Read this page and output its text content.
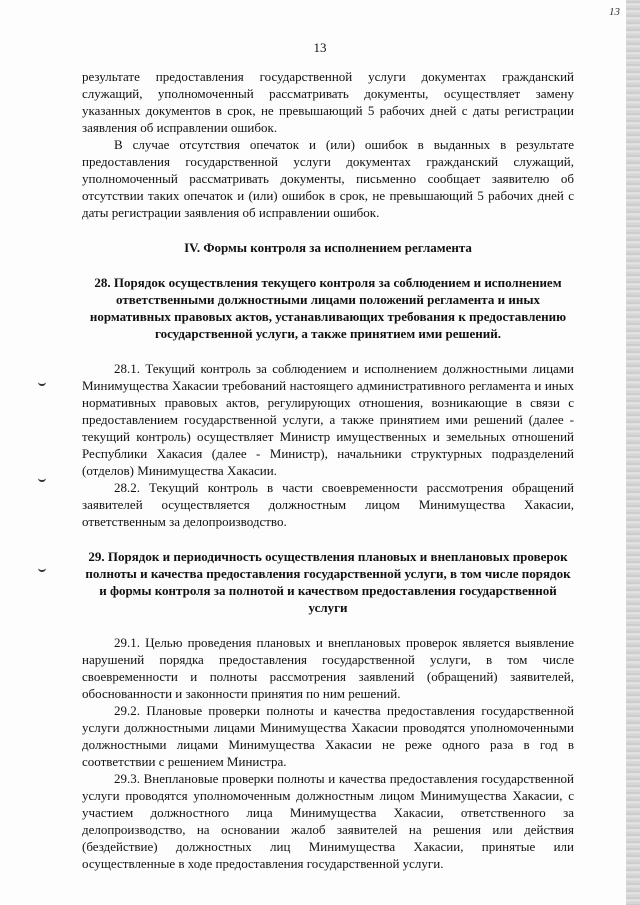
13
13

результате предоставления государственной услуги документах гражданский служащий, уполномоченный рассматривать документы, осуществляет замену указанных документов в срок, не превышающий 5 рабочих дней с даты регистрации заявления об исправлении ошибок.

В случае отсутствия опечаток и (или) ошибок в выданных в результате предоставления государственной услуги документах гражданский служащий, уполномоченный рассматривать документы, письменно сообщает заявителю об отсутствии таких опечаток и (или) ошибок в срок, не превышающий 5 рабочих дней с даты регистрации заявления об исправлении ошибок.

IV. Формы контроля за исполнением регламента

28. Порядок осуществления текущего контроля за соблюдением и исполнением ответственными должностными лицами положений регламента и иных нормативных правовых актов, устанавливающих требования к предоставлению государственной услуги, а также принятием ими решений.

28.1. Текущий контроль за соблюдением и исполнением должностными лицами Минимущества Хакасии требований настоящего административного регламента и иных нормативных правовых актов, регулирующих отношения, возникающие в связи с предоставлением государственной услуги, а также принятием ими решений (далее - текущий контроль) осуществляет Министр имущественных и земельных отношений Республики Хакасия (далее - Министр), начальники структурных подразделений (отделов) Минимущества Хакасии.

28.2. Текущий контроль в части своевременности рассмотрения обращений заявителей осуществляется должностным лицом Минимущества Хакасии, ответственным за делопроизводство.

29. Порядок и периодичность осуществления плановых и внеплановых проверок полноты и качества предоставления государственной услуги, в том числе порядок и формы контроля за полнотой и качеством предоставления государственной услуги

29.1. Целью проведения плановых и внеплановых проверок является выявление нарушений порядка предоставления государственной услуги, в том числе своевременности и полноты рассмотрения заявлений (обращений) заявителей, обоснованности и законности принятия по ним решений.

29.2. Плановые проверки полноты и качества предоставления государственной услуги должностными лицами Минимущества Хакасии проводятся уполномоченными должностными лицами Минимущества Хакасии не реже одного раза в год в соответствии с решением Министра.

29.3. Внеплановые проверки полноты и качества предоставления государственной услуги проводятся уполномоченным должностным лицом Минимущества Хакасии, с участием должностного лица Минимущества Хакасии, ответственного за делопроизводство, на основании жалоб заявителей на решения или действия (бездействие) должностных лиц Минимущества Хакасии, принятые или осуществленные в ходе предоставления государственной услуги.
